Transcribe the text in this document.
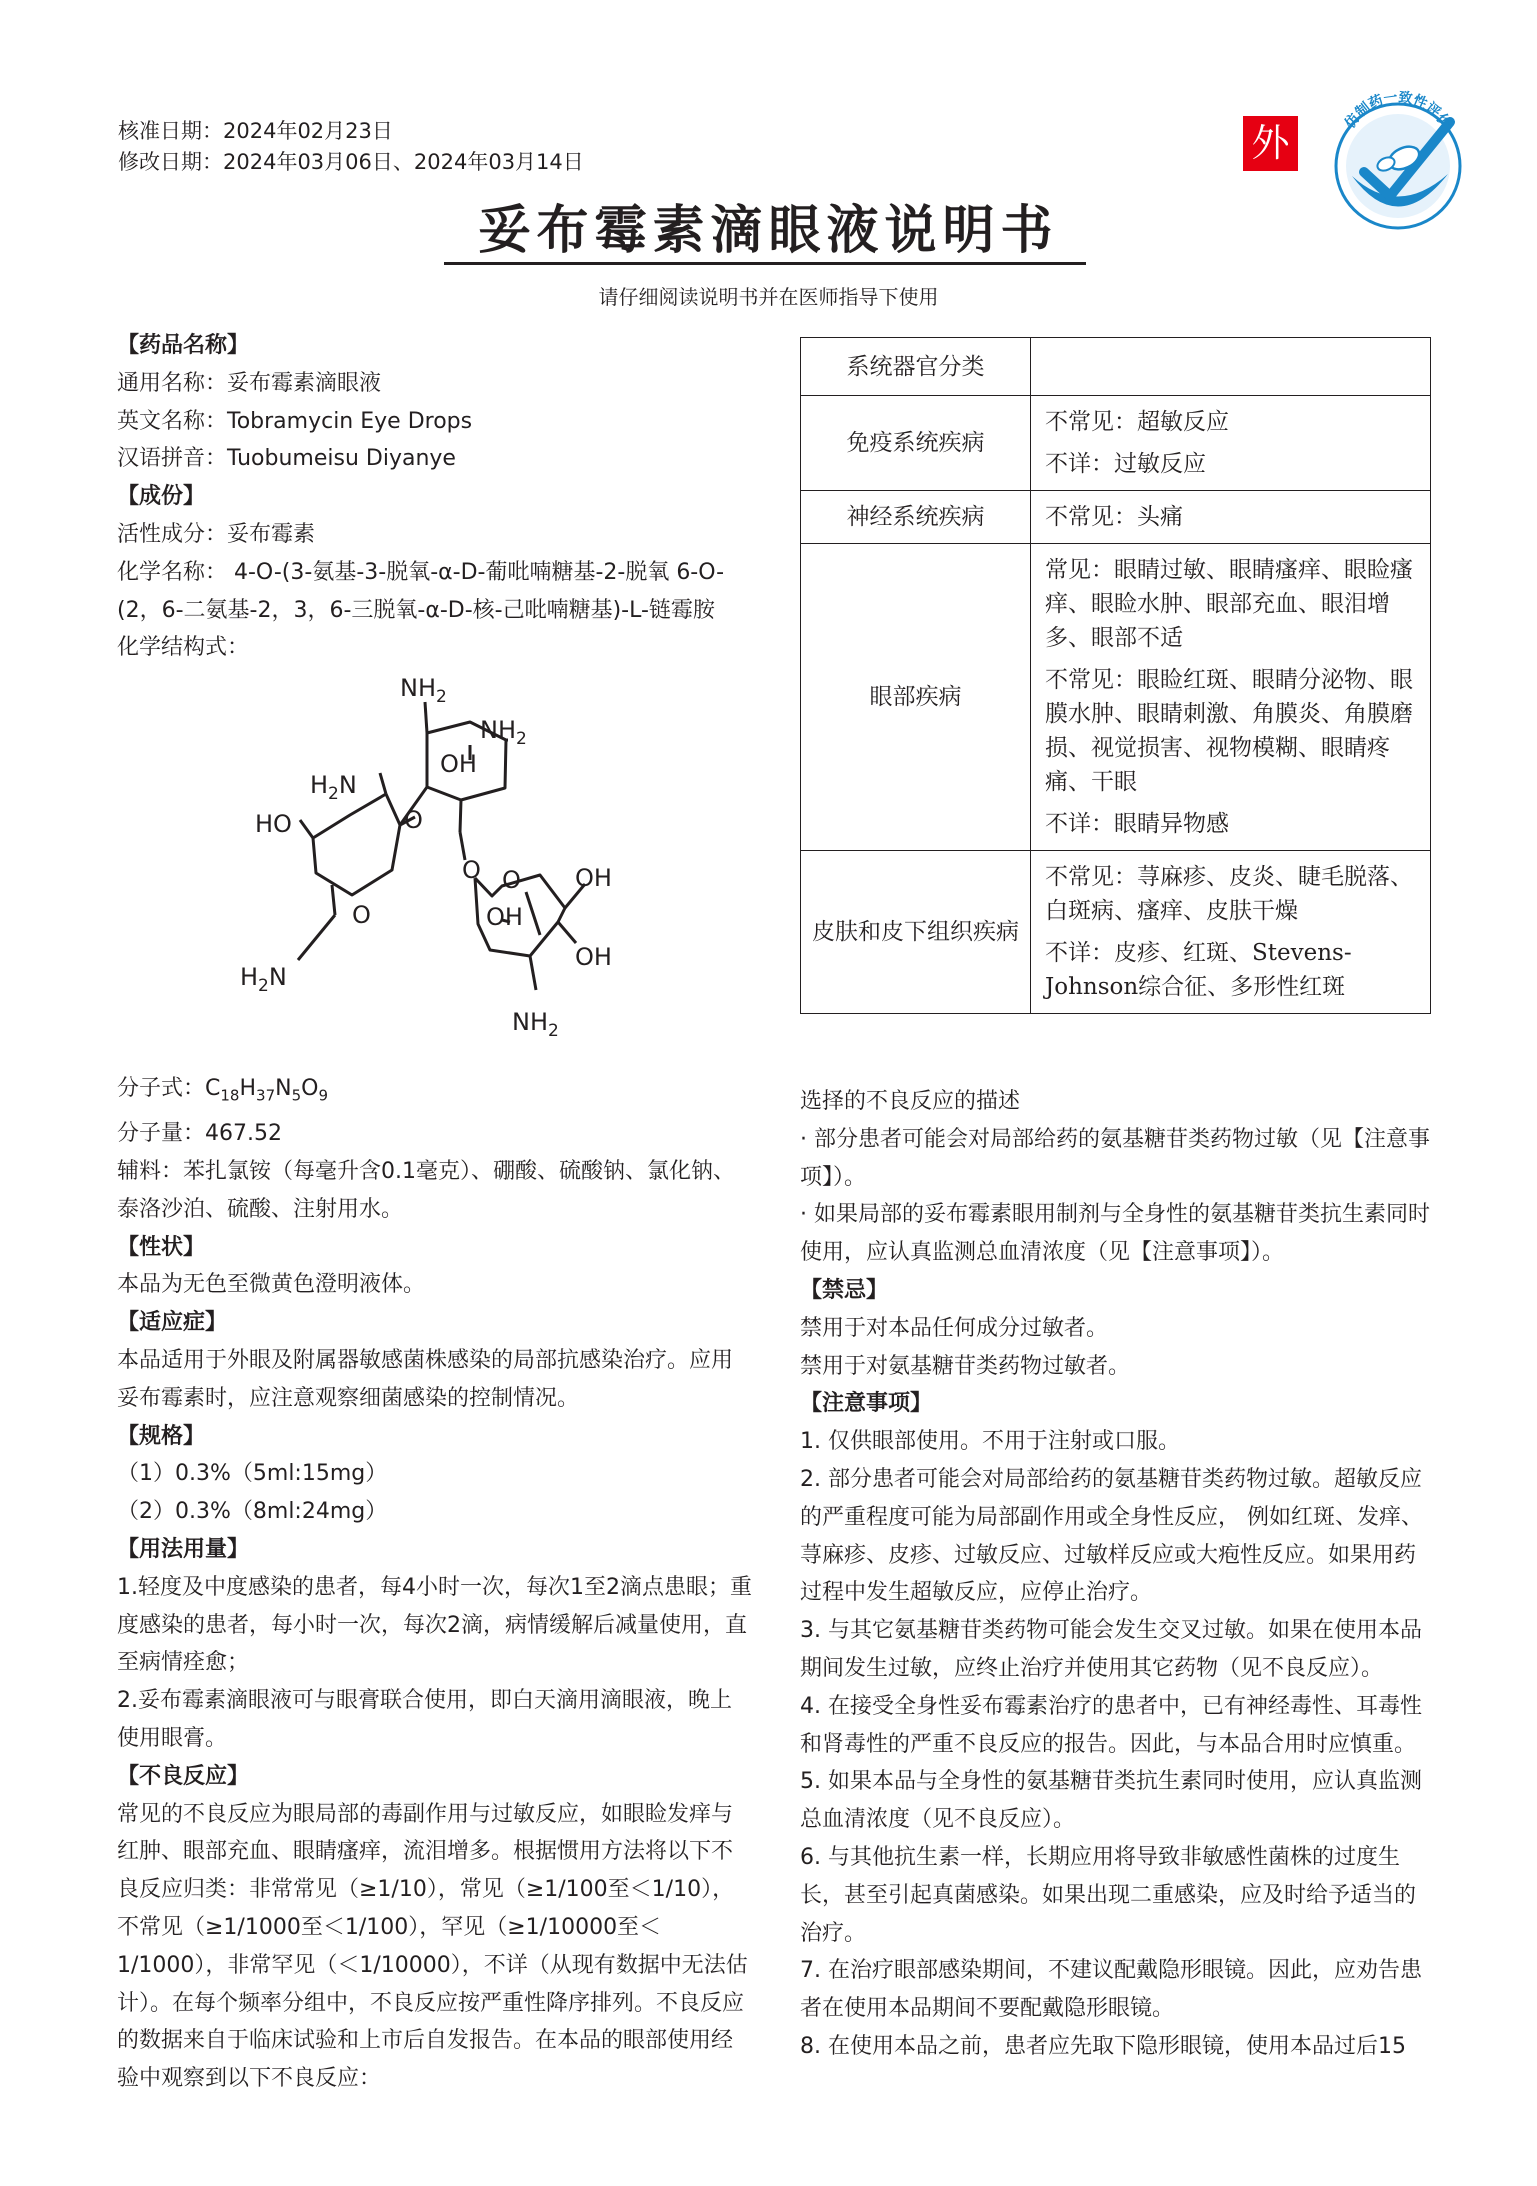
核准日期：2024年02月23日
修改日期：2024年03月06日、2024年03月14日	外	仿制药一致性评价
妥布霉素滴眼液说明书
请仔细阅读说明书并在医师指导下使用

【药品名称】

通用名称：妥布霉素滴眼液

英文名称：Tobramycin Eye Drops

汉语拼音：Tuobumeisu Diyanye

【成份】

活性成分：妥布霉素

化学名称： 4-O-(3-氨基-3-脱氧-α-D-葡吡喃糖基-2-脱氧 6-O-(2，6-二氨基-2，3，6-三脱氧-α-D-核-己吡喃糖基)-L-链霉胺

化学结构式：

$NH_2$
$NH_2$
OH
$H_2N$
O
HO
O
O O OH
OH
OH
$H_2N$
$NH_2$

分子式：$C_{18}H_{37}N_5O_9$

分子量：467.52

辅料：苯扎氯铵（每毫升含0.1毫克）、硼酸、硫酸钠、氯化钠、泰洛沙泊、硫酸、注射用水。

【性状】

本品为无色至微黄色澄明液体。

【适应症】

本品适用于外眼及附属器敏感菌株感染的局部抗感染治疗。应用妥布霉素时，应注意观察细菌感染的控制情况。

【规格】

（1）0.3%（5ml:15mg）

（2）0.3%（8ml:24mg）

【用法用量】

1.轻度及中度感染的患者，每4小时一次，每次1至2滴点患眼；重度感染的患者，每小时一次，每次2滴，病情缓解后减量使用，直至病情痊愈；

2.妥布霉素滴眼液可与眼膏联合使用，即白天滴用滴眼液，晚上使用眼膏。

【不良反应】

常见的不良反应为眼局部的毒副作用与过敏反应，如眼睑发痒与红肿、眼部充血、眼睛瘙痒，流泪增多。根据惯用方法将以下不良反应归类：非常常见（≥1/10），常见（≥1/100至＜1/10），不常见（≥1/1000至＜1/100），罕见（≥1/10000至＜1/1000），非常罕见（＜1/10000），不详（从现有数据中无法估计）。在每个频率分组中，不良反应按严重性降序排列。不良反应的数据来自于临床试验和上市后自发报告。在本品的眼部使用经验中观察到以下不良反应：

系统器官分类	
免疫系统疾病	不常见：超敏反应
不详：过敏反应

神经系统疾病	不常见：头痛

眼部疾病	常见：眼睛过敏、眼睛瘙痒、眼睑瘙痒、眼睑水肿、眼部充血、眼泪增多、眼部不适
不常见：眼睑红斑、眼睛分泌物、眼膜水肿、眼睛刺激、角膜炎、角膜磨损、视觉损害、视物模糊、眼睛疼痛、干眼
不详：眼睛异物感

皮肤和皮下组织疾病	不常见：荨麻疹、皮炎、睫毛脱落、白斑病、瘙痒、皮肤干燥
不详：皮疹、红斑、Stevens-Johnson综合征、多形性红斑

选择的不良反应的描述

· 部分患者可能会对局部给药的氨基糖苷类药物过敏（见【注意事项】）。

· 如果局部的妥布霉素眼用制剂与全身性的氨基糖苷类抗生素同时使用，应认真监测总血清浓度（见【注意事项】）。

【禁忌】

禁用于对本品任何成分过敏者。

禁用于对氨基糖苷类药物过敏者。

【注意事项】

1. 仅供眼部使用。不用于注射或口服。

2. 部分患者可能会对局部给药的氨基糖苷类药物过敏。超敏反应的严重程度可能为局部副作用或全身性反应， 例如红斑、发痒、荨麻疹、皮疹、过敏反应、过敏样反应或大疱性反应。如果用药过程中发生超敏反应，应停止治疗。

3. 与其它氨基糖苷类药物可能会发生交叉过敏。如果在使用本品期间发生过敏，应终止治疗并使用其它药物（见不良反应）。

4. 在接受全身性妥布霉素治疗的患者中，已有神经毒性、耳毒性和肾毒性的严重不良反应的报告。因此，与本品合用时应慎重。

5. 如果本品与全身性的氨基糖苷类抗生素同时使用，应认真监测总血清浓度（见不良反应）。

6. 与其他抗生素一样，长期应用将导致非敏感性菌株的过度生长，甚至引起真菌感染。如果出现二重感染，应及时给予适当的治疗。

7. 在治疗眼部感染期间，不建议配戴隐形眼镜。因此，应劝告患者在使用本品期间不要配戴隐形眼镜。

8. 在使用本品之前，患者应先取下隐形眼镜，使用本品过后15
